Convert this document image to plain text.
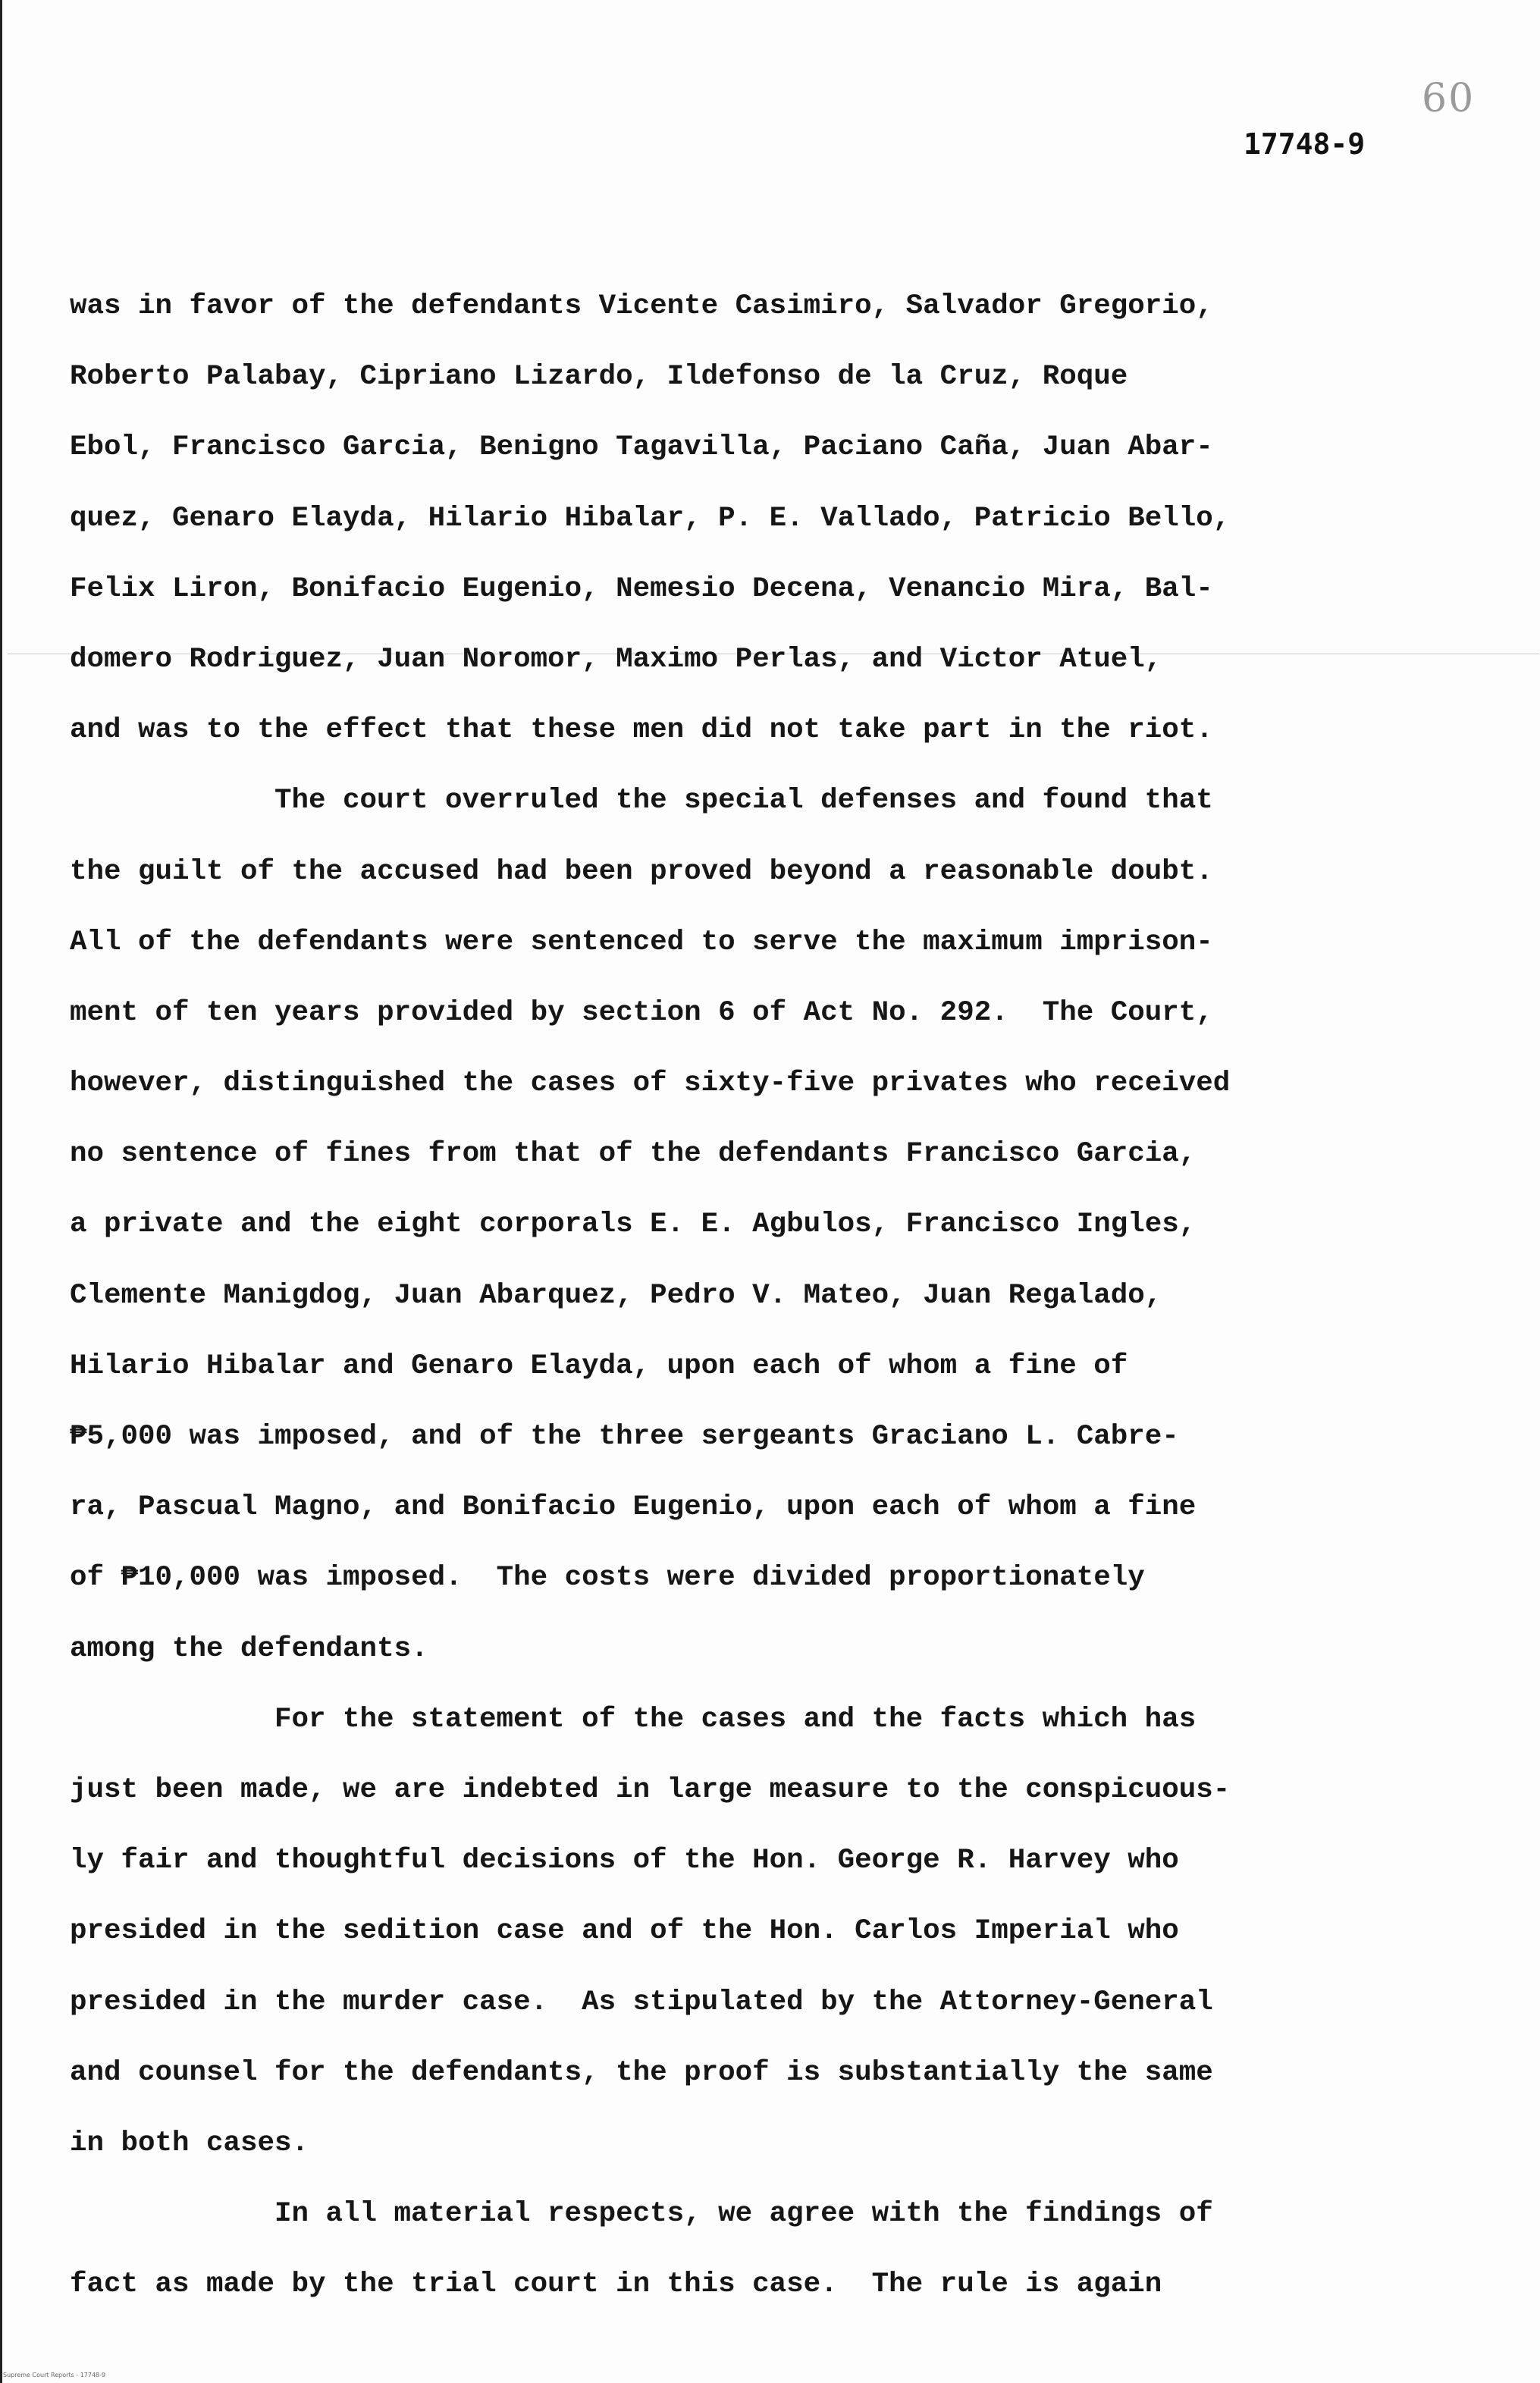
60
17748-9
was in favor of the defendants Vicente Casimiro, Salvador Gregorio,
Roberto Palabay, Cipriano Lizardo, Ildefonso de la Cruz, Roque
Ebol, Francisco Garcia, Benigno Tagavilla, Paciano Caña, Juan Abar-
quez, Genaro Elayda, Hilario Hibalar, P. E. Vallado, Patricio Bello,
Felix Liron, Bonifacio Eugenio, Nemesio Decena, Venancio Mira, Bal-
domero Rodriguez, Juan Noromor, Maximo Perlas, and Victor Atuel,
and was to the effect that these men did not take part in the riot.
The court overruled the special defenses and found that
the guilt of the accused had been proved beyond a reasonable doubt.
All of the defendants were sentenced to serve the maximum imprison-
ment of ten years provided by section 6 of Act No. 292.  The Court,
however, distinguished the cases of sixty-five privates who received
no sentence of fines from that of the defendants Francisco Garcia,
a private and the eight corporals E. E. Agbulos, Francisco Ingles,
Clemente Manigdog, Juan Abarquez, Pedro V. Mateo, Juan Regalado,
Hilario Hibalar and Genaro Elayda, upon each of whom a fine of
₱5,000 was imposed, and of the three sergeants Graciano L. Cabre-
ra, Pascual Magno, and Bonifacio Eugenio, upon each of whom a fine
of ₱10,000 was imposed.  The costs were divided proportionately
among the defendants.
For the statement of the cases and the facts which has
just been made, we are indebted in large measure to the conspicuous-
ly fair and thoughtful decisions of the Hon. George R. Harvey who
presided in the sedition case and of the Hon. Carlos Imperial who
presided in the murder case.  As stipulated by the Attorney-General
and counsel for the defendants, the proof is substantially the same
in both cases.
In all material respects, we agree with the findings of
fact as made by the trial court in this case.  The rule is again
Supreme Court Reports - 17748-9
